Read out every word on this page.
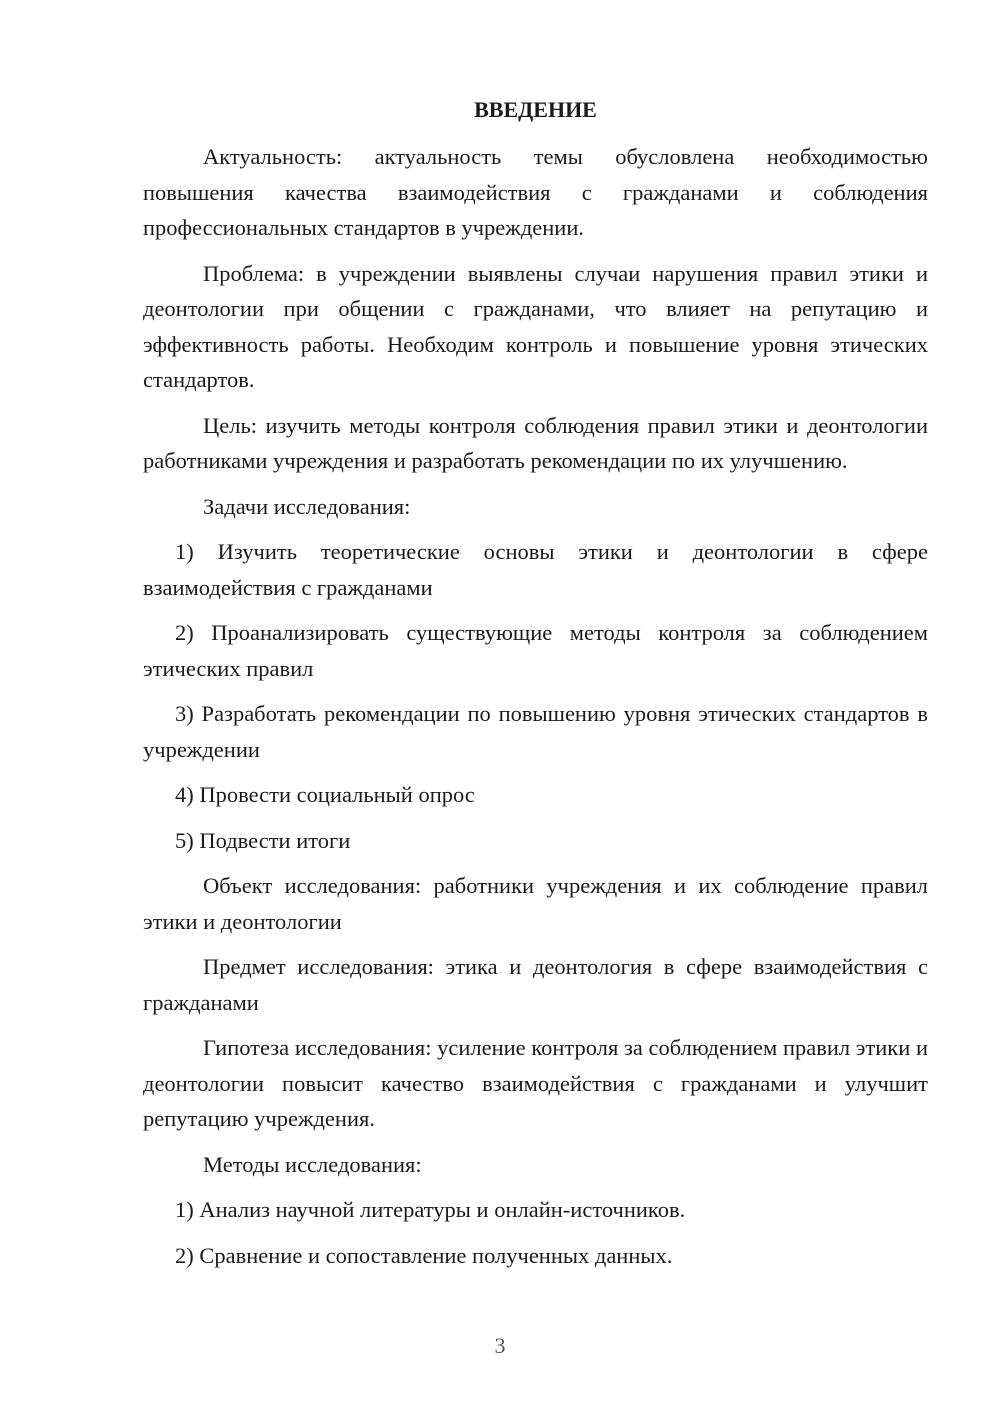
ВВЕДЕНИЕ

Актуальность: актуальность темы обусловлена необходимостью повышения качества взаимодействия с гражданами и соблюдения профессиональных стандартов в учреждении.

Проблема: в учреждении выявлены случаи нарушения правил этики и деонтологии при общении с гражданами, что влияет на репутацию и эффективность работы. Необходим контроль и повышение уровня этических стандартов.

Цель: изучить методы контроля соблюдения правил этики и деонтологии работниками учреждения и разработать рекомендации по их улучшению.

Задачи исследования:

1) Изучить теоретические основы этики и деонтологии в сфере взаимодействия с гражданами

2) Проанализировать существующие методы контроля за соблюдением этических правил

3) Разработать рекомендации по повышению уровня этических стандартов в учреждении

4) Провести социальный опрос

5) Подвести итоги

Объект исследования: работники учреждения и их соблюдение правил этики и деонтологии

Предмет исследования: этика и деонтология в сфере взаимодействия с гражданами

Гипотеза исследования: усиление контроля за соблюдением правил этики и деонтологии повысит качество взаимодействия с гражданами и улучшит репутацию учреждения.

Методы исследования:

1) Анализ научной литературы и онлайн-источников.

2) Сравнение и сопоставление полученных данных.

3
